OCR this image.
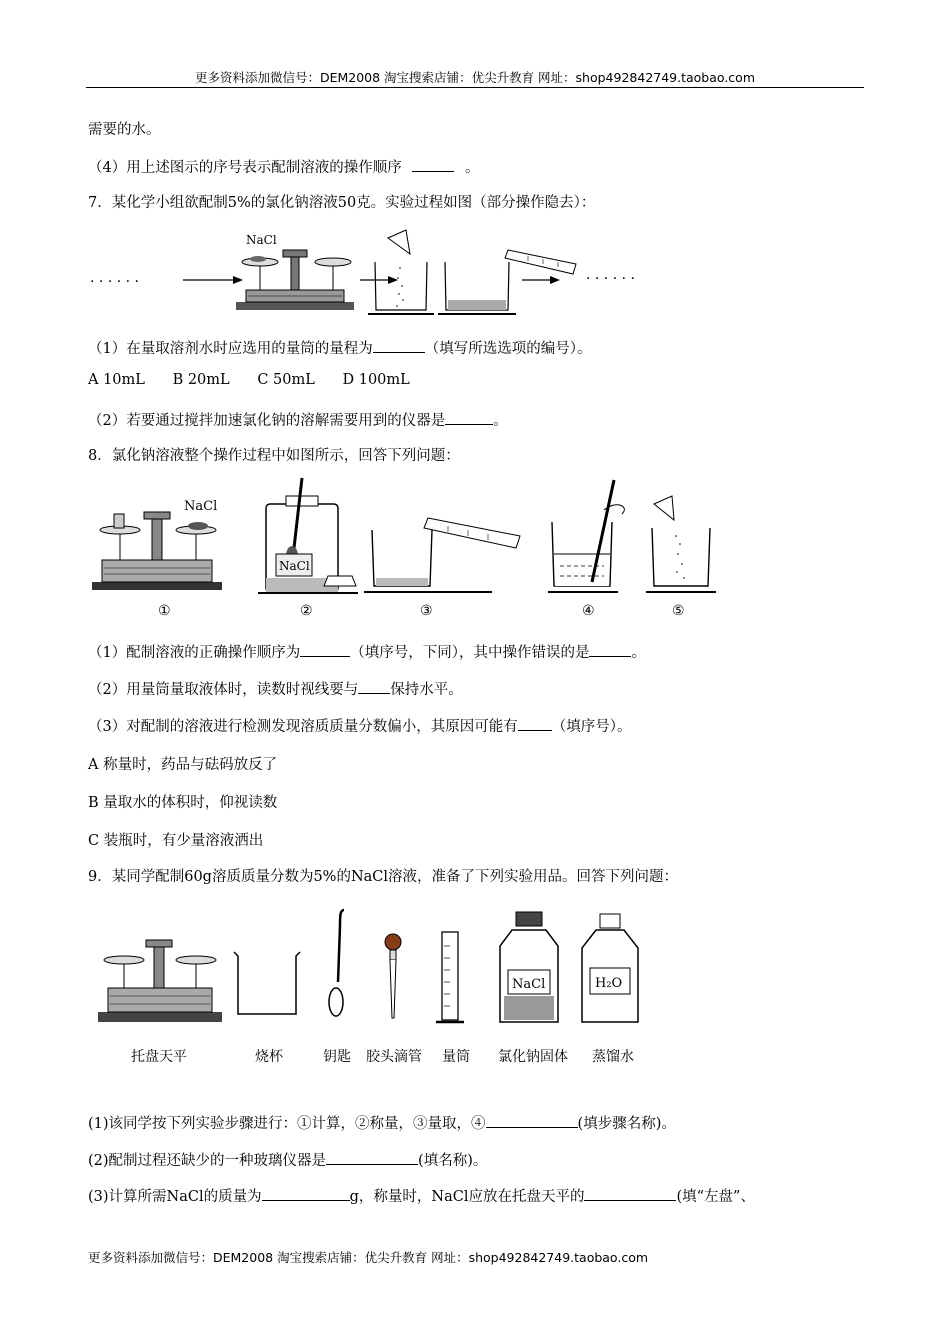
更多资料添加微信号：DEM2008 淘宝搜索店铺：优尖升教育 网址：shop492842749.taobao.com
需要的水。
（4）用上述图示的序号表示配制溶液的操作顺序	。
7．某化学小组欲配制5%的氯化钠溶液50克。实验过程如图（部分操作隐去）：
· · · · · ·
NaCl
· · · · · ·
（1）在量取溶剂水时应选用的量筒的量程为	（填写所选选项的编号）。
A 10mL      B 20mL      C 50mL      D 100mL
（2）若要通过搅拌加速氯化钠的溶解需要用到的仪器是	。
8．氯化钠溶液整个操作过程中如图所示，回答下列问题：
NaCl
NaCl
①	②	③	④	⑤
（1）配制溶液的正确操作顺序为	（填序号，下同），其中操作错误的是	。
（2）用量筒量取液体时，读数时视线要与 保持水平。
（3）对配制的溶液进行检测发现溶质质量分数偏小，其原因可能有 （填序号）。
A 称量时，药品与砝码放反了
B 量取水的体积时，仰视读数
C 装瓶时，有少量溶液洒出
9．某同学配制60g溶质质量分数为5%的NaCl溶液，准备了下列实验用品。回答下列问题：
NaCl	H₂O
托盘天平	烧杯	钥匙 胶头滴管 量筒 氯化钠固体 蒸馏水
(1)该同学按下列实验步骤进行：①计算，②称量，③量取，④	(填步骤名称)。
(2)配制过程还缺少的一种玻璃仪器是	(填名称)。
(3)计算所需NaCl的质量为	g，称量时，NaCl应放在托盘天平的	(填“左盘”、
更多资料添加微信号：DEM2008 淘宝搜索店铺：优尖升教育 网址：shop492842749.taobao.com
